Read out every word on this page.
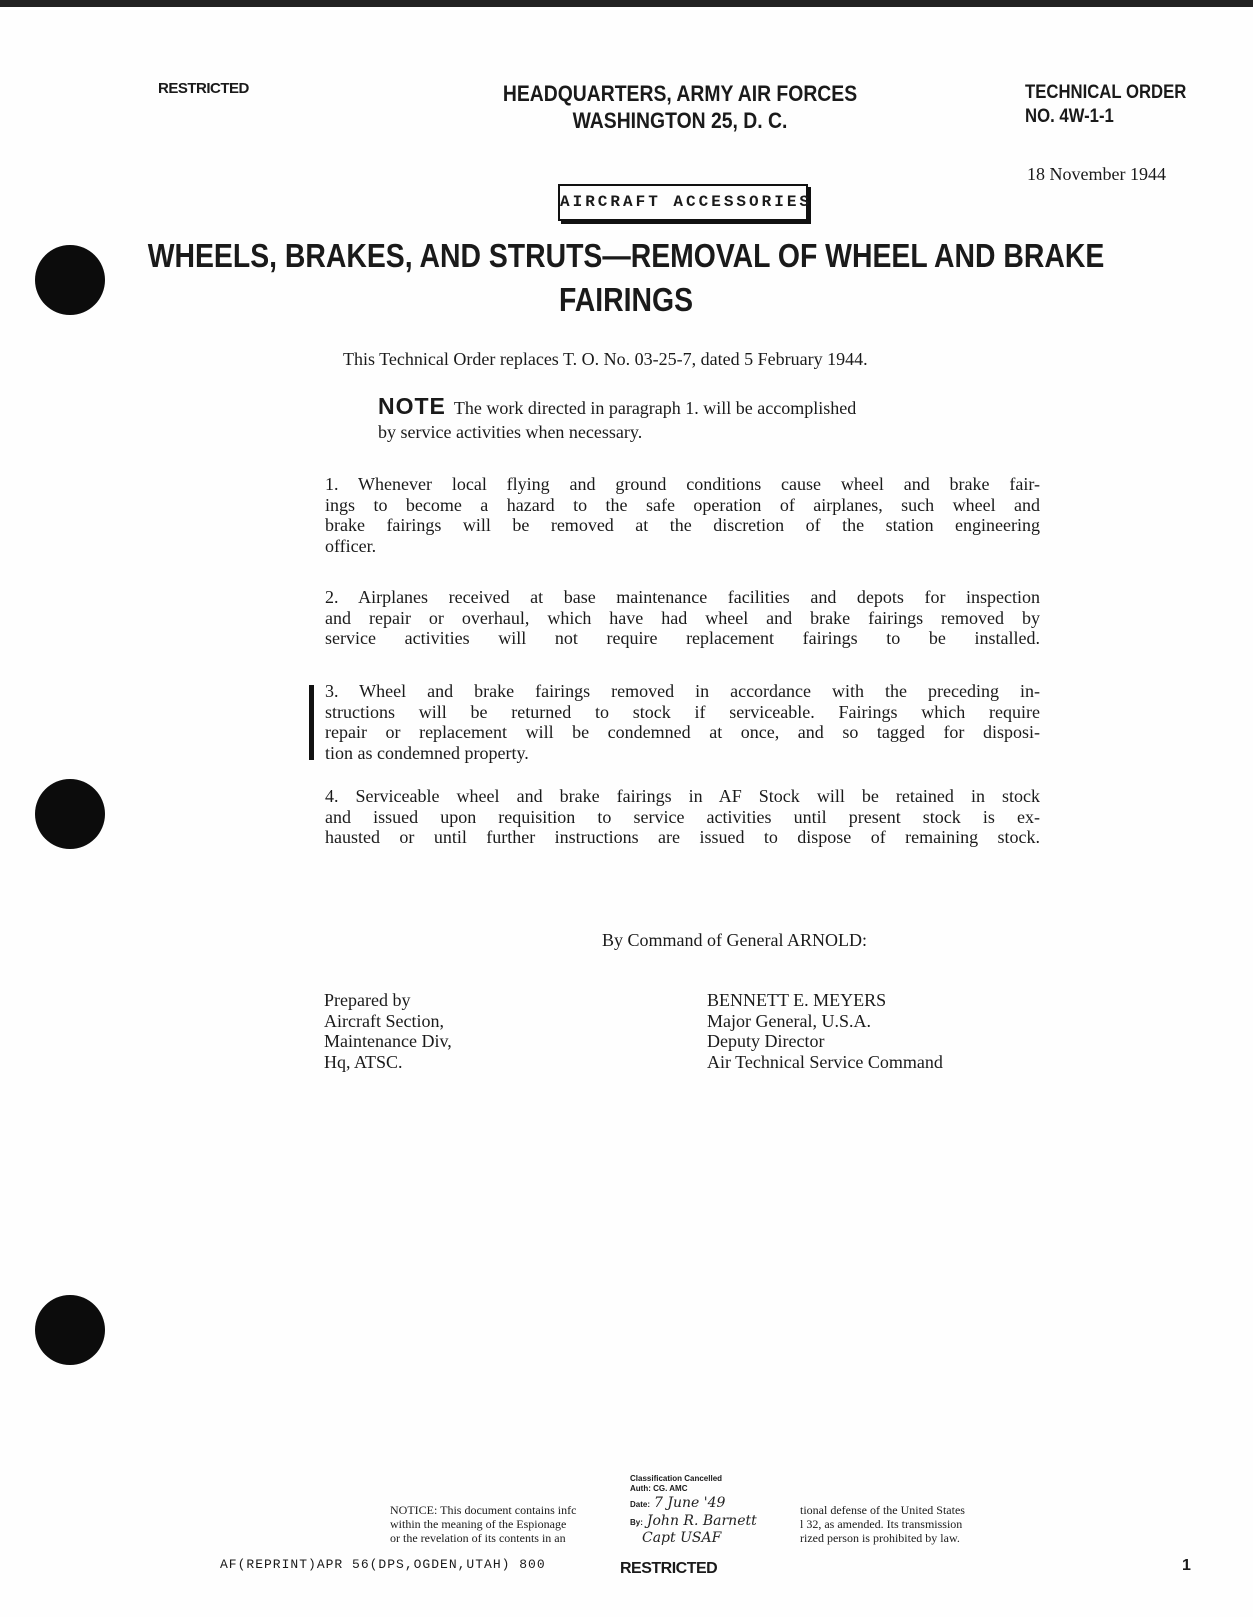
RESTRICTED	HEADQUARTERS, ARMY AIR FORCES
WASHINGTON 25, D. C.
TECHNICAL ORDER
NO. 4W-1-1
18 November 1944
AIRCRAFT ACCESSORIES
WHEELS, BRAKES, AND STRUTS—REMOVAL OF WHEEL AND BRAKE
FAIRINGS
This Technical Order replaces T. O. No. 03-25-7, dated 5 February 1944.
NOTE The work directed in paragraph 1. will be accomplished
by service activities when necessary.
1. Whenever local flying and ground conditions cause wheel and brake fair-
ings to become a hazard to the safe operation of airplanes, such wheel and
brake fairings will be removed at the discretion of the station engineering
officer.
2. Airplanes received at base maintenance facilities and depots for inspection
and repair or overhaul, which have had wheel and brake fairings removed by
service activities will not require replacement fairings to be installed.
3. Wheel and brake fairings removed in accordance with the preceding in-
structions will be returned to stock if serviceable. Fairings which require
repair or replacement will be condemned at once, and so tagged for disposi-
tion as condemned property.
4. Serviceable wheel and brake fairings in AF Stock will be retained in stock
and issued upon requisition to service activities until present stock is ex-
hausted or until further instructions are issued to dispose of remaining stock.
By Command of General ARNOLD:
Prepared by
Aircraft Section,
Maintenance Div,
Hq, ATSC.
BENNETT E. MEYERS
Major General, U.S.A.
Deputy Director
Air Technical Service Command
NOTICE: This document contains infc
within the meaning of the Espionage
or the revelation of its contents in an
tional defense of the United States
l 32, as amended. Its transmission
rized person is prohibited by law.
Classification Cancelled
Auth: CG. AMC
Date: 7 June '49
By: John R. Barnett
Capt USAF
AF(REPRINT)APR 56(DPS,OGDEN,UTAH) 800	RESTRICTED	1
